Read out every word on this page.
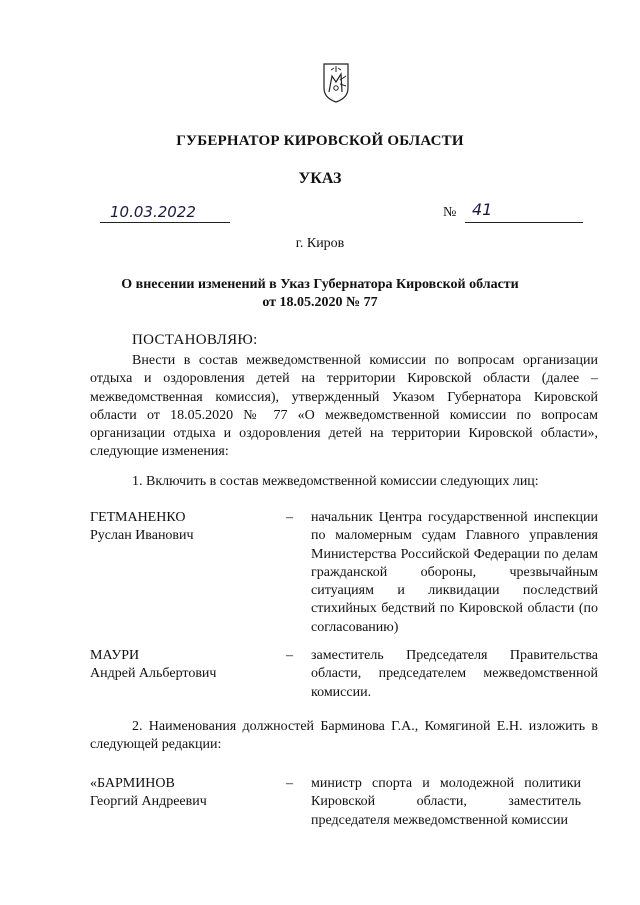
ГУБЕРНАТОР КИРОВСКОЙ ОБЛАСТИ
УКАЗ
10.03.2022	№ 41
г. Киров
О внесении изменений в Указ Губернатора Кировской области
от 18.05.2020 № 77
ПОСТАНОВЛЯЮ:

Внести в состав межведомственной комиссии по вопросам организации отдыха и оздоровления детей на территории Кировской области (далее – межведомственная комиссия), утвержденный Указом Губернатора Кировской области от 18.05.2020 № 77 «О межведомственной комиссии по вопросам организации отдыха и оздоровления детей на территории Кировской области», следующие изменения:

1. Включить в состав межведомственной комиссии следующих лиц:

ГЕТМАНЕНКО
Руслан Иванович
– начальник Центра государственной инспекции по маломерным судам Главного управления Министерства Российской Федерации по делам гражданской обороны, чрезвычайным ситуациям и ликвидации последствий стихийных бедствий по Кировской области (по согласованию)
МАУРИ
Андрей Альбертович
– заместитель Председателя Правительства области, председателем межведомственной комиссии.

2. Наименования должностей Барминова Г.А., Комягиной Е.Н. изложить в следующей редакции:

«БАРМИНОВ
Георгий Андреевич
– министр спорта и молодежной политики Кировской области, заместитель председателя межведомственной комиссии
